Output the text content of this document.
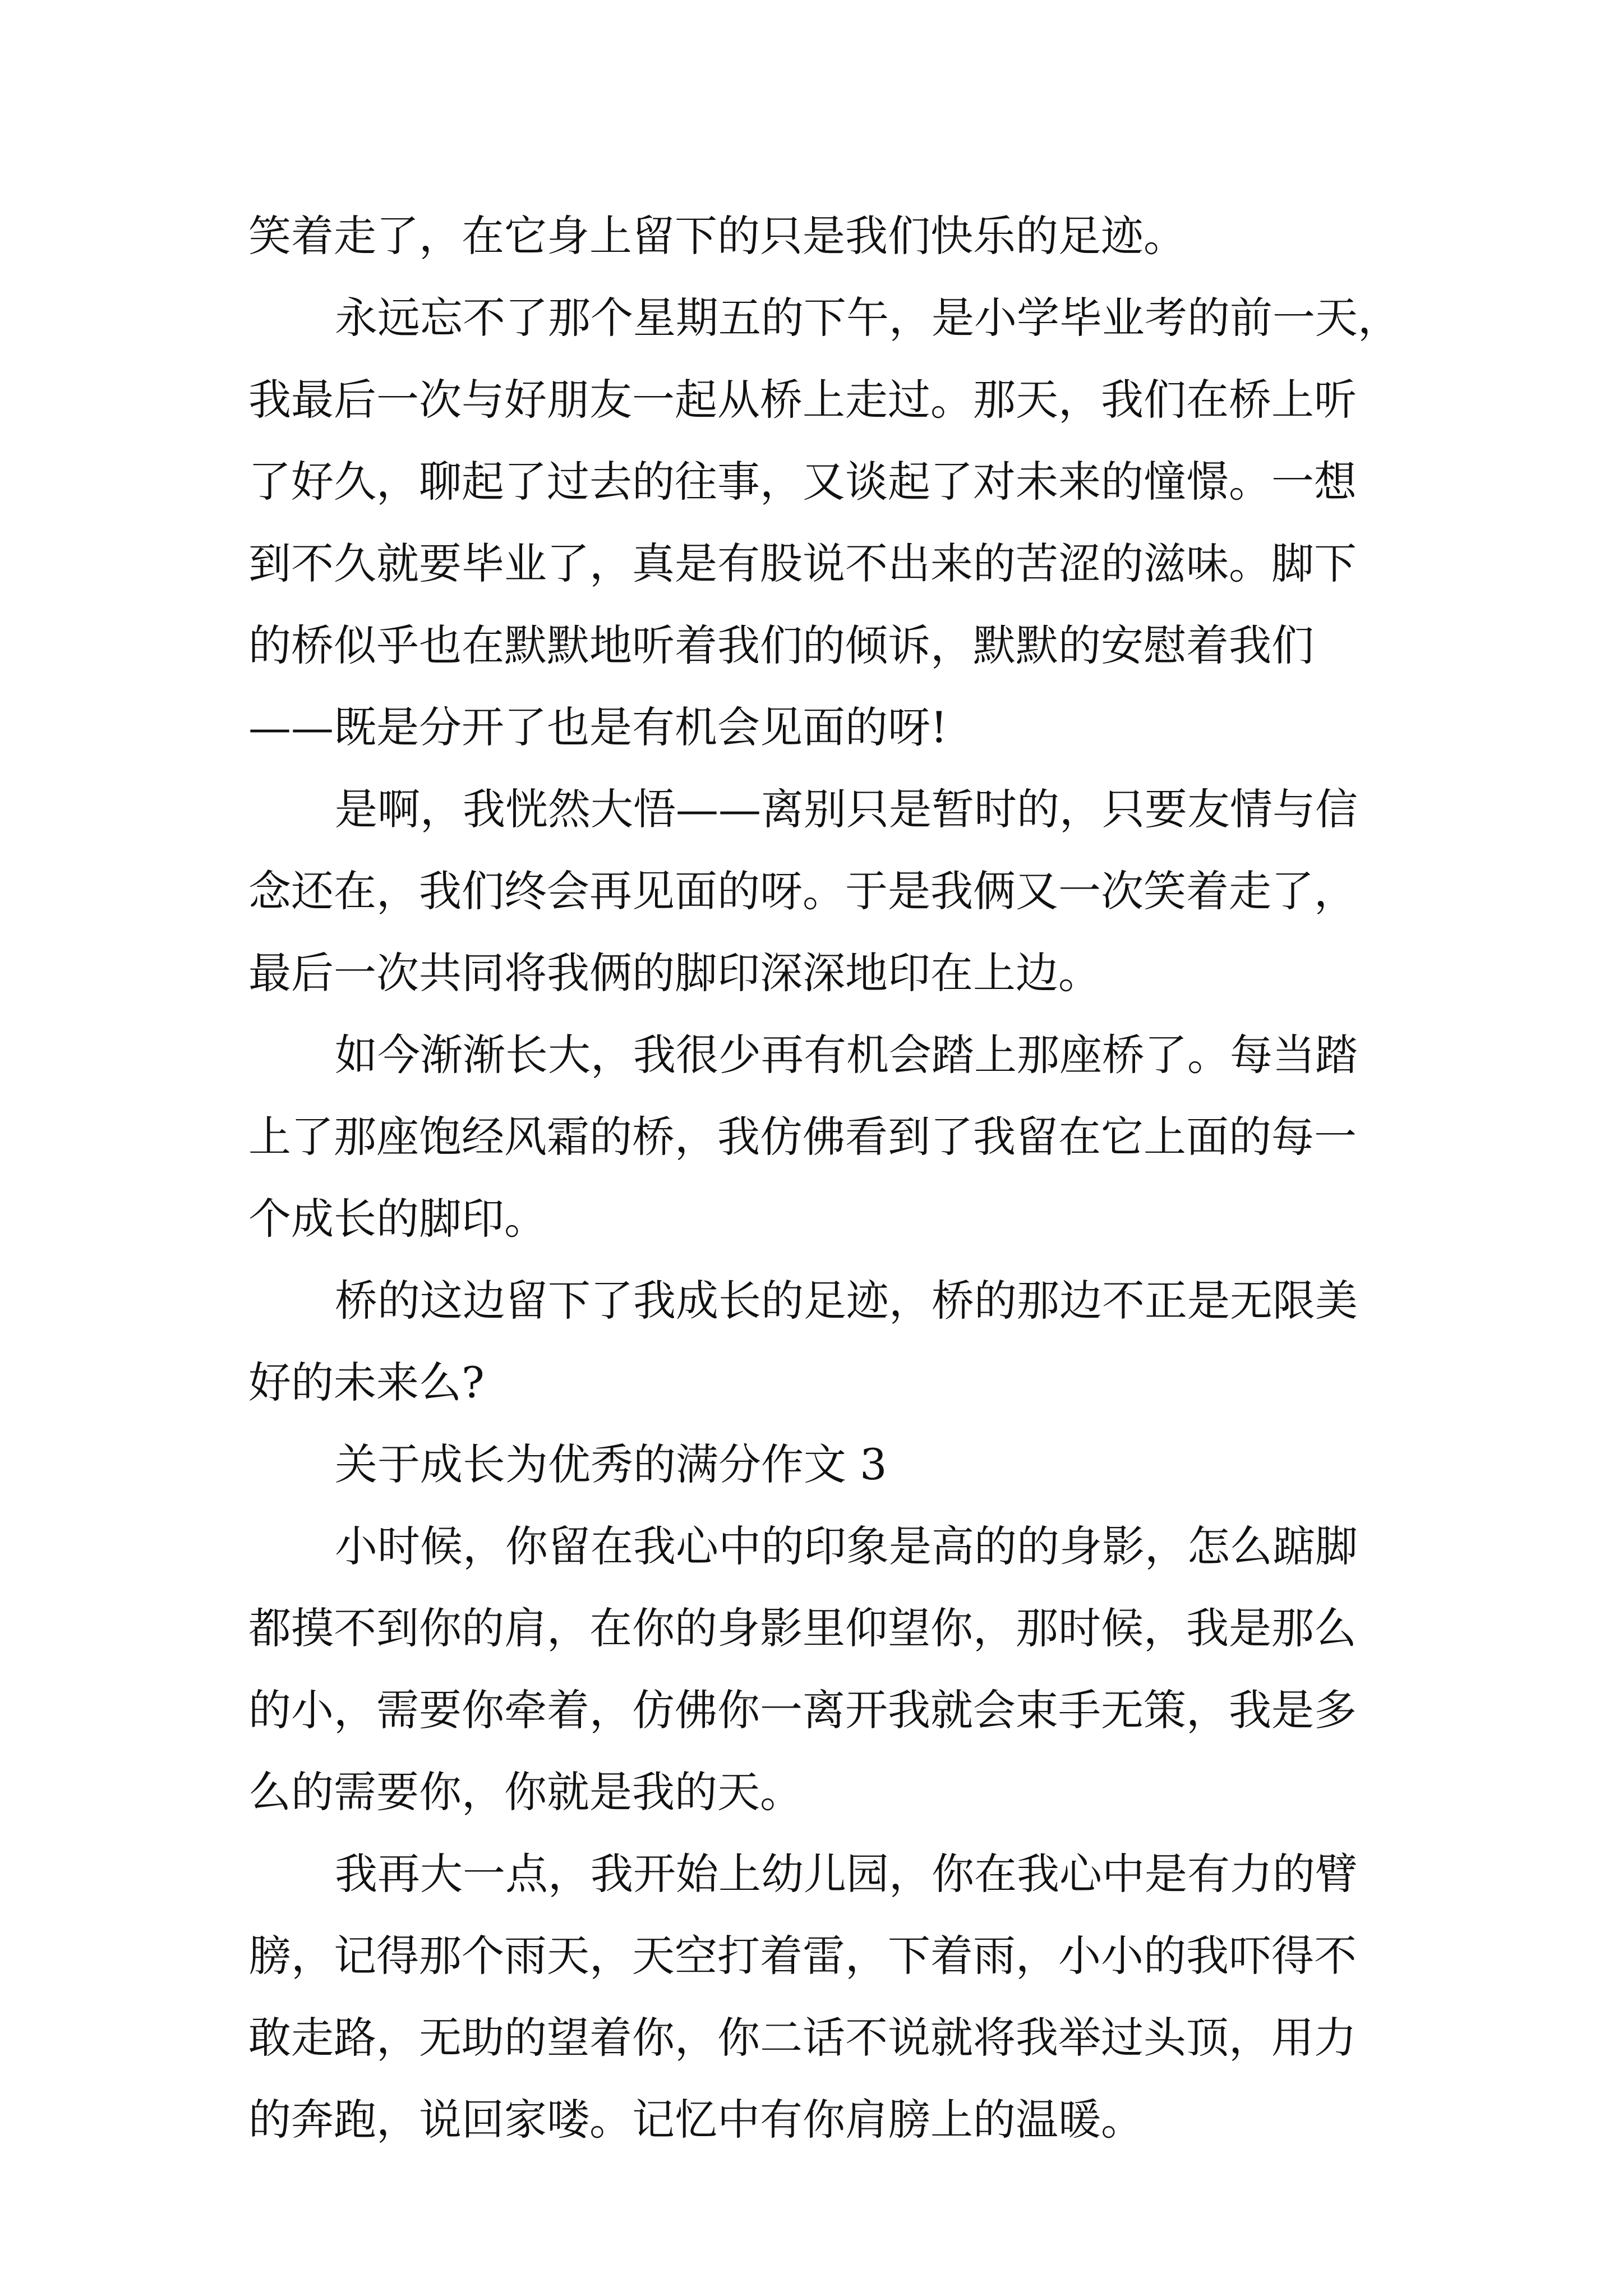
笑着走了，在它身上留下的只是我们快乐的足迹。
永远忘不了那个星期五的下午，是小学毕业考的前一天，
我最后一次与好朋友一起从桥上走过。那天，我们在桥上听
了好久，聊起了过去的往事，又谈起了对未来的憧憬。一想
到不久就要毕业了，真是有股说不出来的苦涩的滋味。脚下
的桥似乎也在默默地听着我们的倾诉，默默的安慰着我们
——既是分开了也是有机会见面的呀!
是啊，我恍然大悟——离别只是暂时的，只要友情与信
念还在，我们终会再见面的呀。于是我俩又一次笑着走了，
最后一次共同将我俩的脚印深深地印在上边。
如今渐渐长大，我很少再有机会踏上那座桥了。每当踏
上了那座饱经风霜的桥，我仿佛看到了我留在它上面的每一
个成长的脚印。
桥的这边留下了我成长的足迹，桥的那边不正是无限美
好的未来么?
关于成长为优秀的满分作文 3
小时候，你留在我心中的印象是高的的身影，怎么踮脚
都摸不到你的肩，在你的身影里仰望你，那时候，我是那么
的小，需要你牵着，仿佛你一离开我就会束手无策，我是多
么的需要你，你就是我的天。
我再大一点，我开始上幼儿园，你在我心中是有力的臂
膀，记得那个雨天，天空打着雷，下着雨，小小的我吓得不
敢走路，无助的望着你，你二话不说就将我举过头顶，用力
的奔跑，说回家喽。记忆中有你肩膀上的温暖。
